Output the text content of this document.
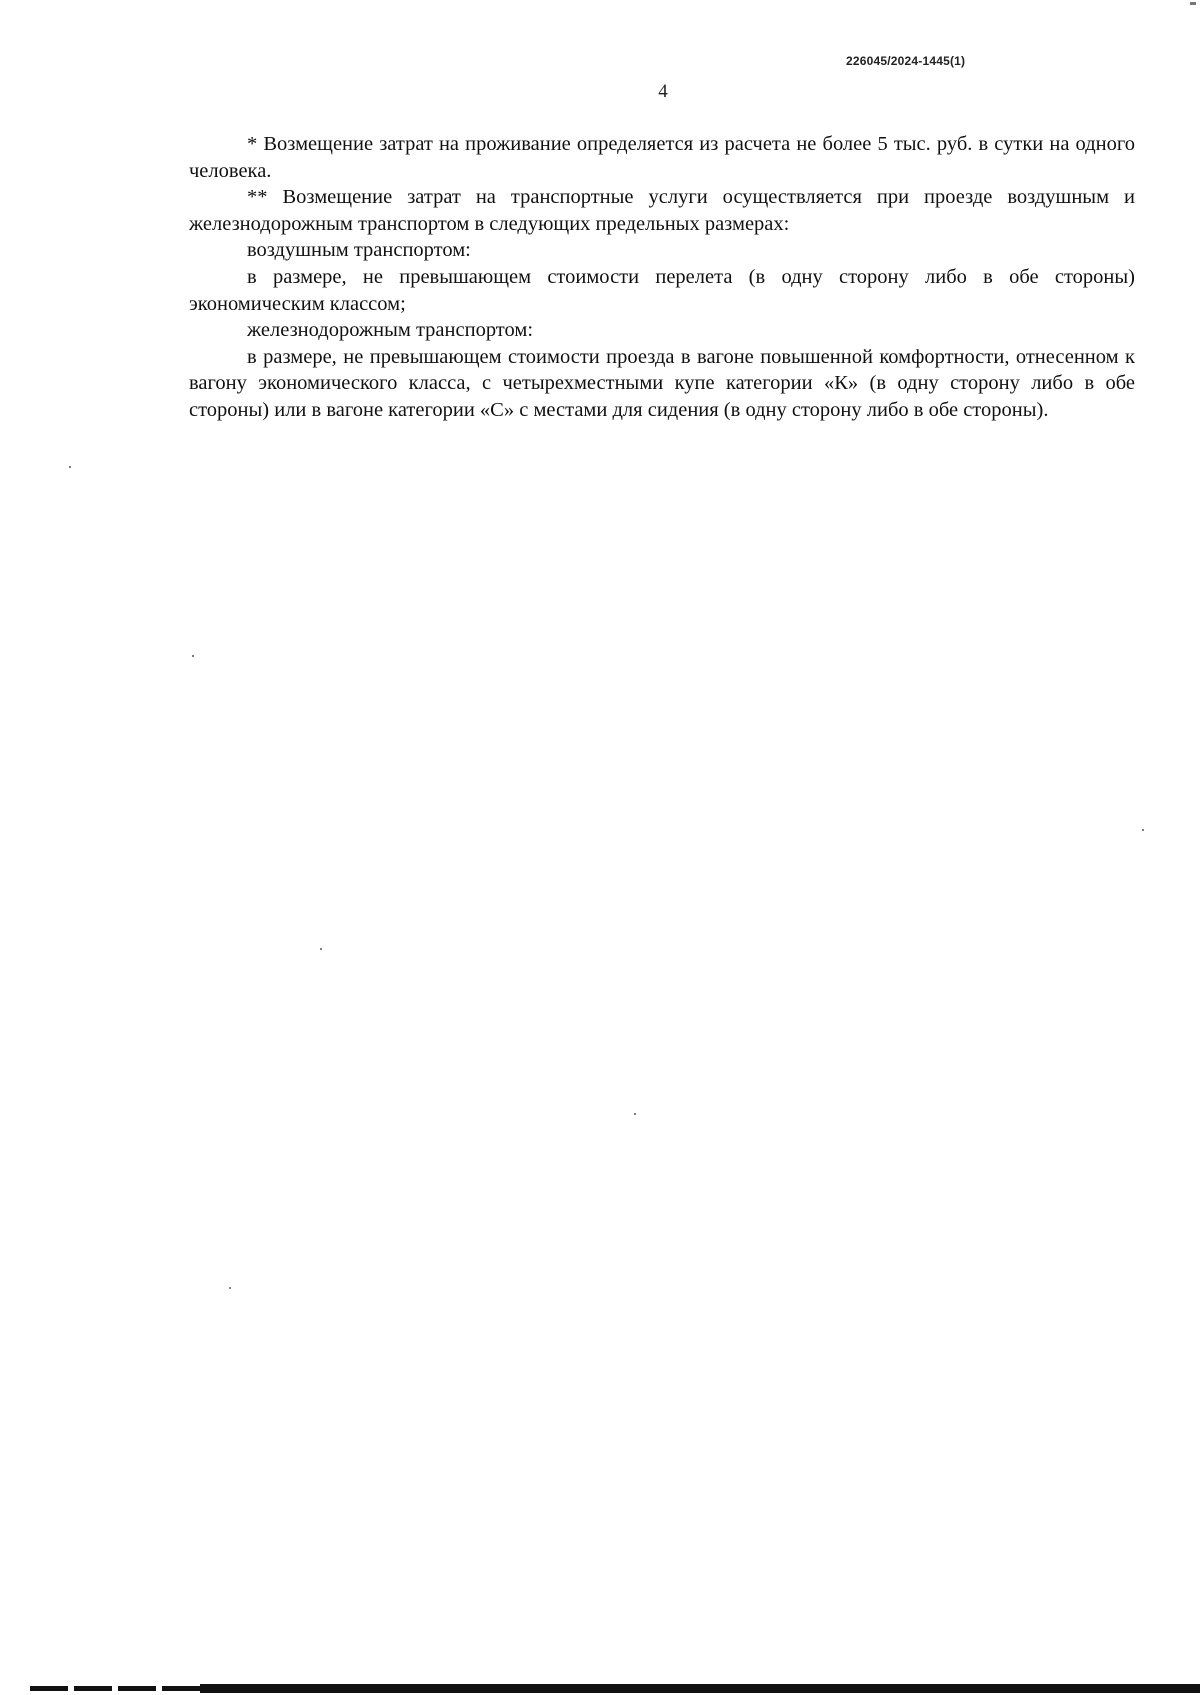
226045/2024-1445(1)
4

* Возмещение затрат на проживание определяется из расчета не более 5 тыс. руб. в сутки на одного человека.

** Возмещение затрат на транспортные услуги осуществляется при проезде воздушным и железнодорожным транспортом в следующих предельных размерах:

воздушным транспортом:

в размере, не превышающем стоимости перелета (в одну сторону либо в обе стороны) экономическим классом;

железнодорожным транспортом:

в размере, не превышающем стоимости проезда в вагоне повышенной комфортности, отнесенном к вагону экономического класса, с четырехместными купе категории «К» (в одну сторону либо в обе стороны) или в вагоне категории «С» с местами для сидения (в одну сторону либо в обе стороны).
